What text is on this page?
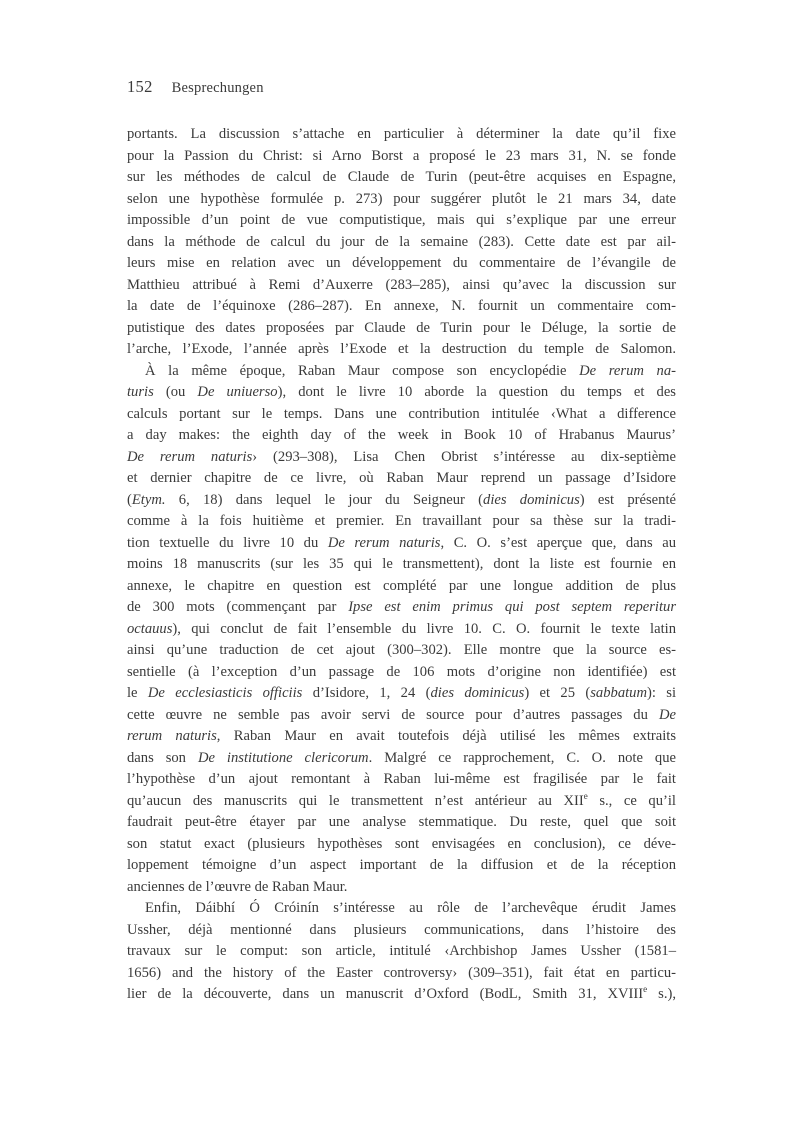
152 Besprechungen
portants. La discussion s’attache en particulier à déterminer la date qu’il fixe
pour la Passion du Christ: si Arno Borst a proposé le 23 mars 31, N. se fonde
sur les méthodes de calcul de Claude de Turin (peut-être acquises en Espagne,
selon une hypothèse formulée p. 273) pour suggérer plutôt le 21 mars 34, date
impossible d’un point de vue computistique, mais qui s’explique par une erreur
dans la méthode de calcul du jour de la semaine (283). Cette date est par ail-
leurs mise en relation avec un développement du commentaire de l’évangile de
Matthieu attribué à Remi d’Auxerre (283–285), ainsi qu’avec la discussion sur
la date de l’équinoxe (286–287). En annexe, N. fournit un commentaire com-
putistique des dates proposées par Claude de Turin pour le Déluge, la sortie de
l’arche, l’Exode, l’année après l’Exode et la destruction du temple de Salomon.
À la même époque, Raban Maur compose son encyclopédie De rerum na-
turis (ou De uniuerso), dont le livre 10 aborde la question du temps et des
calculs portant sur le temps. Dans une contribution intitulée ‹What a difference
a day makes: the eighth day of the week in Book 10 of Hrabanus Maurus’
De rerum naturis› (293–308), Lisa Chen Obrist s’intéresse au dix-septième
et dernier chapitre de ce livre, où Raban Maur reprend un passage d’Isidore
(Etym. 6, 18) dans lequel le jour du Seigneur (dies dominicus) est présenté
comme à la fois huitième et premier. En travaillant pour sa thèse sur la tradi-
tion textuelle du livre 10 du De rerum naturis, C. O. s’est aperçue que, dans au
moins 18 manuscrits (sur les 35 qui le transmettent), dont la liste est fournie en
annexe, le chapitre en question est complété par une longue addition de plus
de 300 mots (commençant par Ipse est enim primus qui post septem reperitur
octauus), qui conclut de fait l’ensemble du livre 10. C. O. fournit le texte latin
ainsi qu’une traduction de cet ajout (300–302). Elle montre que la source es-
sentielle (à l’exception d’un passage de 106 mots d’origine non identifiée) est
le De ecclesiasticis officiis d’Isidore, 1, 24 (dies dominicus) et 25 (sabbatum): si
cette œuvre ne semble pas avoir servi de source pour d’autres passages du De
rerum naturis, Raban Maur en avait toutefois déjà utilisé les mêmes extraits
dans son De institutione clericorum. Malgré ce rapprochement, C. O. note que
l’hypothèse d’un ajout remontant à Raban lui-même est fragilisée par le fait
qu’aucun des manuscrits qui le transmettent n’est antérieur au XIIe s., ce qu’il
faudrait peut-être étayer par une analyse stemmatique. Du reste, quel que soit
son statut exact (plusieurs hypothèses sont envisagées en conclusion), ce déve-
loppement témoigne d’un aspect important de la diffusion et de la réception
anciennes de l’œuvre de Raban Maur.
Enfin, Dáibhí Ó Cróinín s’intéresse au rôle de l’archevêque érudit James
Ussher, déjà mentionné dans plusieurs communications, dans l’histoire des
travaux sur le comput: son article, intitulé ‹Archbishop James Ussher (1581–
1656) and the history of the Easter controversy› (309–351), fait état en particu-
lier de la découverte, dans un manuscrit d’Oxford (BodL, Smith 31, XVIIIe s.),
